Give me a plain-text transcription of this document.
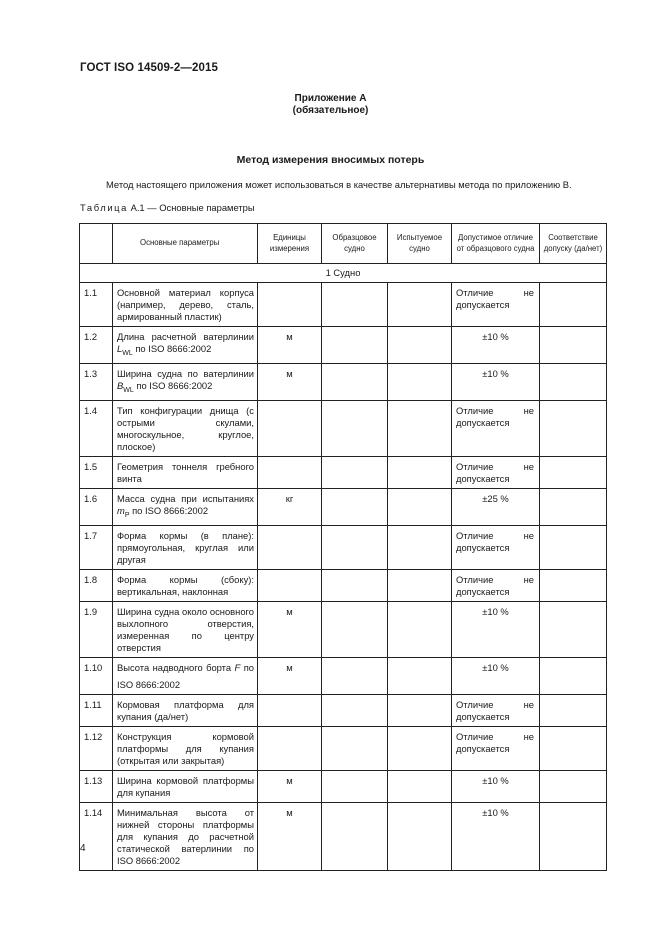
ГОСТ ISO 14509-2—2015
Приложение А
(обязательное)
Метод измерения вносимых потерь
Метод настоящего приложения может использоваться в качестве альтернативы метода по приложению В.
Таблица А.1 — Основные параметры
	Основные параметры	Единицы измерения	Образцовое судно	Испытуемое судно	Допустимое отличие от образцового судна	Соответствие допуску (да/нет)
1 Судно						
1.1	Основной материал корпуса (например, дерево, сталь, армированный пластик)				Отличие не допускается	
1.2	Длина расчетной ватерлинии $L_{WL}$ по ISO 8666:2002	м			±10 %	
1.3	Ширина судна по ватерлинии $B_{WL}$ по ISO 8666:2002	м			±10 %	
1.4	Тип конфигурации днища (с острыми скулами, многоскульное, круглое, плоское)				Отличие не допускается	
1.5	Геометрия тоннеля гребного винта				Отличие не допускается	
1.6	Масса судна при испытаниях $m_P$ по ISO 8666:2002	кг			±25 %	
1.7	Форма кормы (в плане): прямоугольная, круглая или другая				Отличие не допускается	
1.8	Форма кормы (сбоку): вертикальная, наклонная				Отличие не допускается	
1.9	Ширина судна около основного выхлопного отверстия, измеренная по центру отверстия	м			±10 %	
1.10	Высота надводного борта F по ISO 8666:2002	м			±10 %	
1.11	Кормовая платформа для купания (да/нет)				Отличие не допускается	
1.12	Конструкция кормовой платформы для купания (открытая или закрытая)				Отличие не допускается	
1.13	Ширина кормовой платформы для купания	м			±10 %	
1.14	Минимальная высота от нижней стороны платформы для купания до расчетной статической ватерлинии по ISO 8666:2002	м			±10 %	
4
